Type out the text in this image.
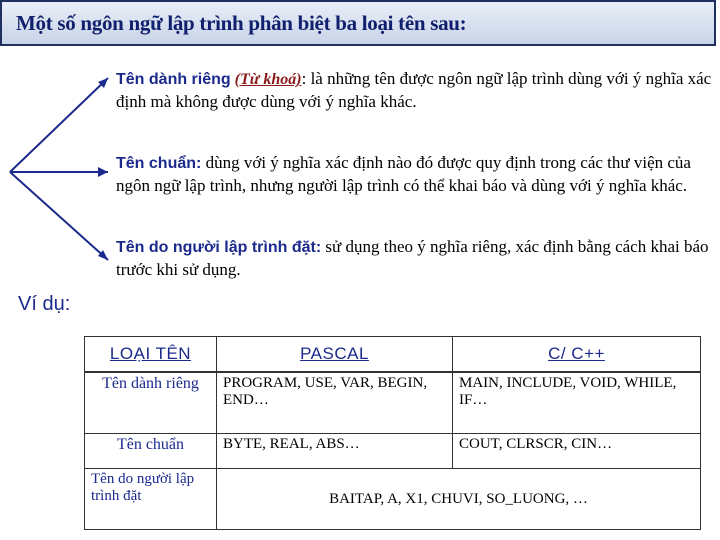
Một số ngôn ngữ lập trình phân biệt ba loại tên sau:
Tên dành riêng (Từ khoá): là những tên được ngôn ngữ lập trình dùng với ý nghĩa xác định mà không được dùng với ý nghĩa khác.
Tên chuẩn: dùng với ý nghĩa xác định nào đó được quy định trong các thư viện của ngôn ngữ lập trình, nhưng người lập trình có thể khai báo và dùng với ý nghĩa khác.
Tên do người lập trình đặt: sử dụng theo ý nghĩa riêng, xác định bằng cách khai báo trước khi sử dụng.
Ví dụ:
LOẠI TÊN	PASCAL	C/ C++
Tên dành riêng	PROGRAM, USE, VAR, BEGIN, END…	MAIN, INCLUDE, VOID, WHILE, IF…
Tên chuẩn	BYTE, REAL, ABS…	COUT, CLRSCR, CIN…
Tên do người lập trình đặt	BAITAP, A, X1, CHUVI, SO_LUONG, …	
